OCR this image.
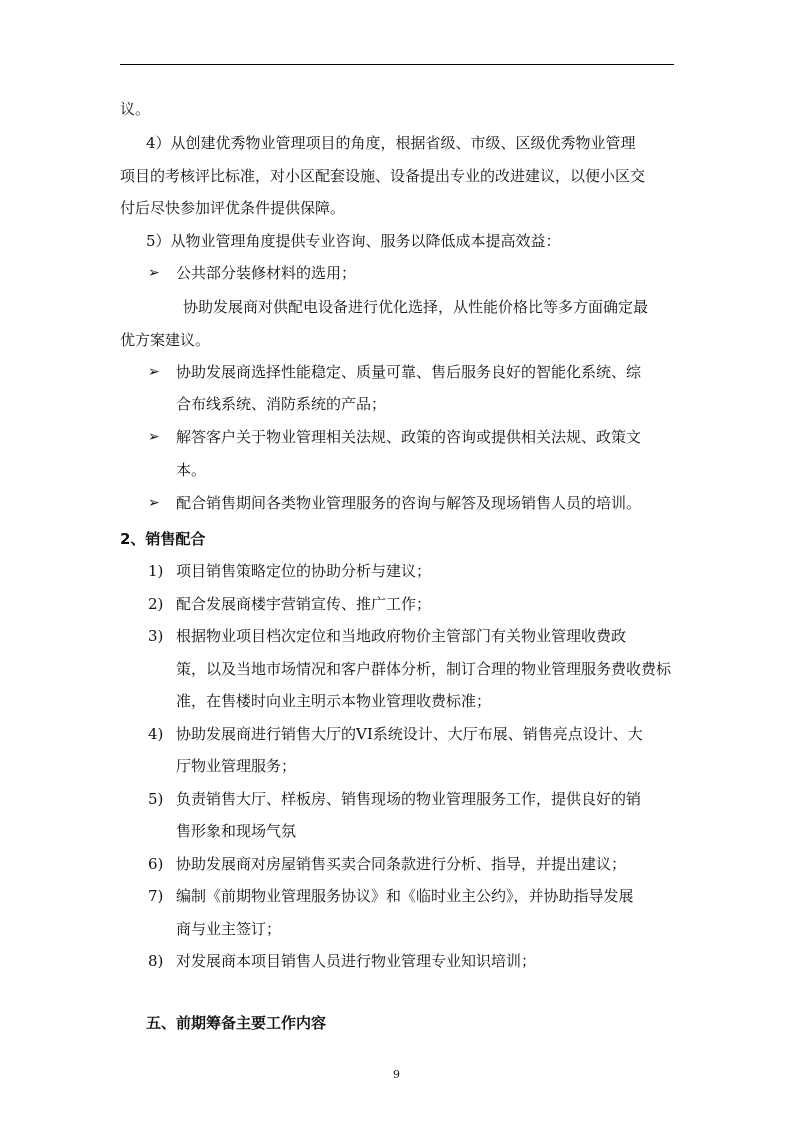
议。
4）从创建优秀物业管理项目的角度，根据省级、市级、区级优秀物业管理
项目的考核评比标准，对小区配套设施、设备提出专业的改进建议，以便小区交
付后尽快参加评优条件提供保障。
5）从物业管理角度提供专业咨询、服务以降低成本提高效益：
➢ 公共部分装修材料的选用；
协助发展商对供配电设备进行优化选择，从性能价格比等多方面确定最
优方案建议。
➢ 协助发展商选择性能稳定、质量可靠、售后服务良好的智能化系统、综
合布线系统、消防系统的产品；
➢ 解答客户关于物业管理相关法规、政策的咨询或提供相关法规、政策文
本。
➢ 配合销售期间各类物业管理服务的咨询与解答及现场销售人员的培训。
2、销售配合
1) 项目销售策略定位的协助分析与建议；
2) 配合发展商楼宇营销宣传、推广工作；
3) 根据物业项目档次定位和当地政府物价主管部门有关物业管理收费政
策，以及当地市场情况和客户群体分析，制订合理的物业管理服务费收费标
准，在售楼时向业主明示本物业管理收费标准；
4) 协助发展商进行销售大厅的VI系统设计、大厅布展、销售亮点设计、大
厅物业管理服务；
5) 负责销售大厅、样板房、销售现场的物业管理服务工作，提供良好的销
售形象和现场气氛
6) 协助发展商对房屋销售买卖合同条款进行分析、指导，并提出建议；
7) 编制《前期物业管理服务协议》和《临时业主公约》，并协助指导发展
商与业主签订；
8) 对发展商本项目销售人员进行物业管理专业知识培训；
五、前期筹备主要工作内容
9
